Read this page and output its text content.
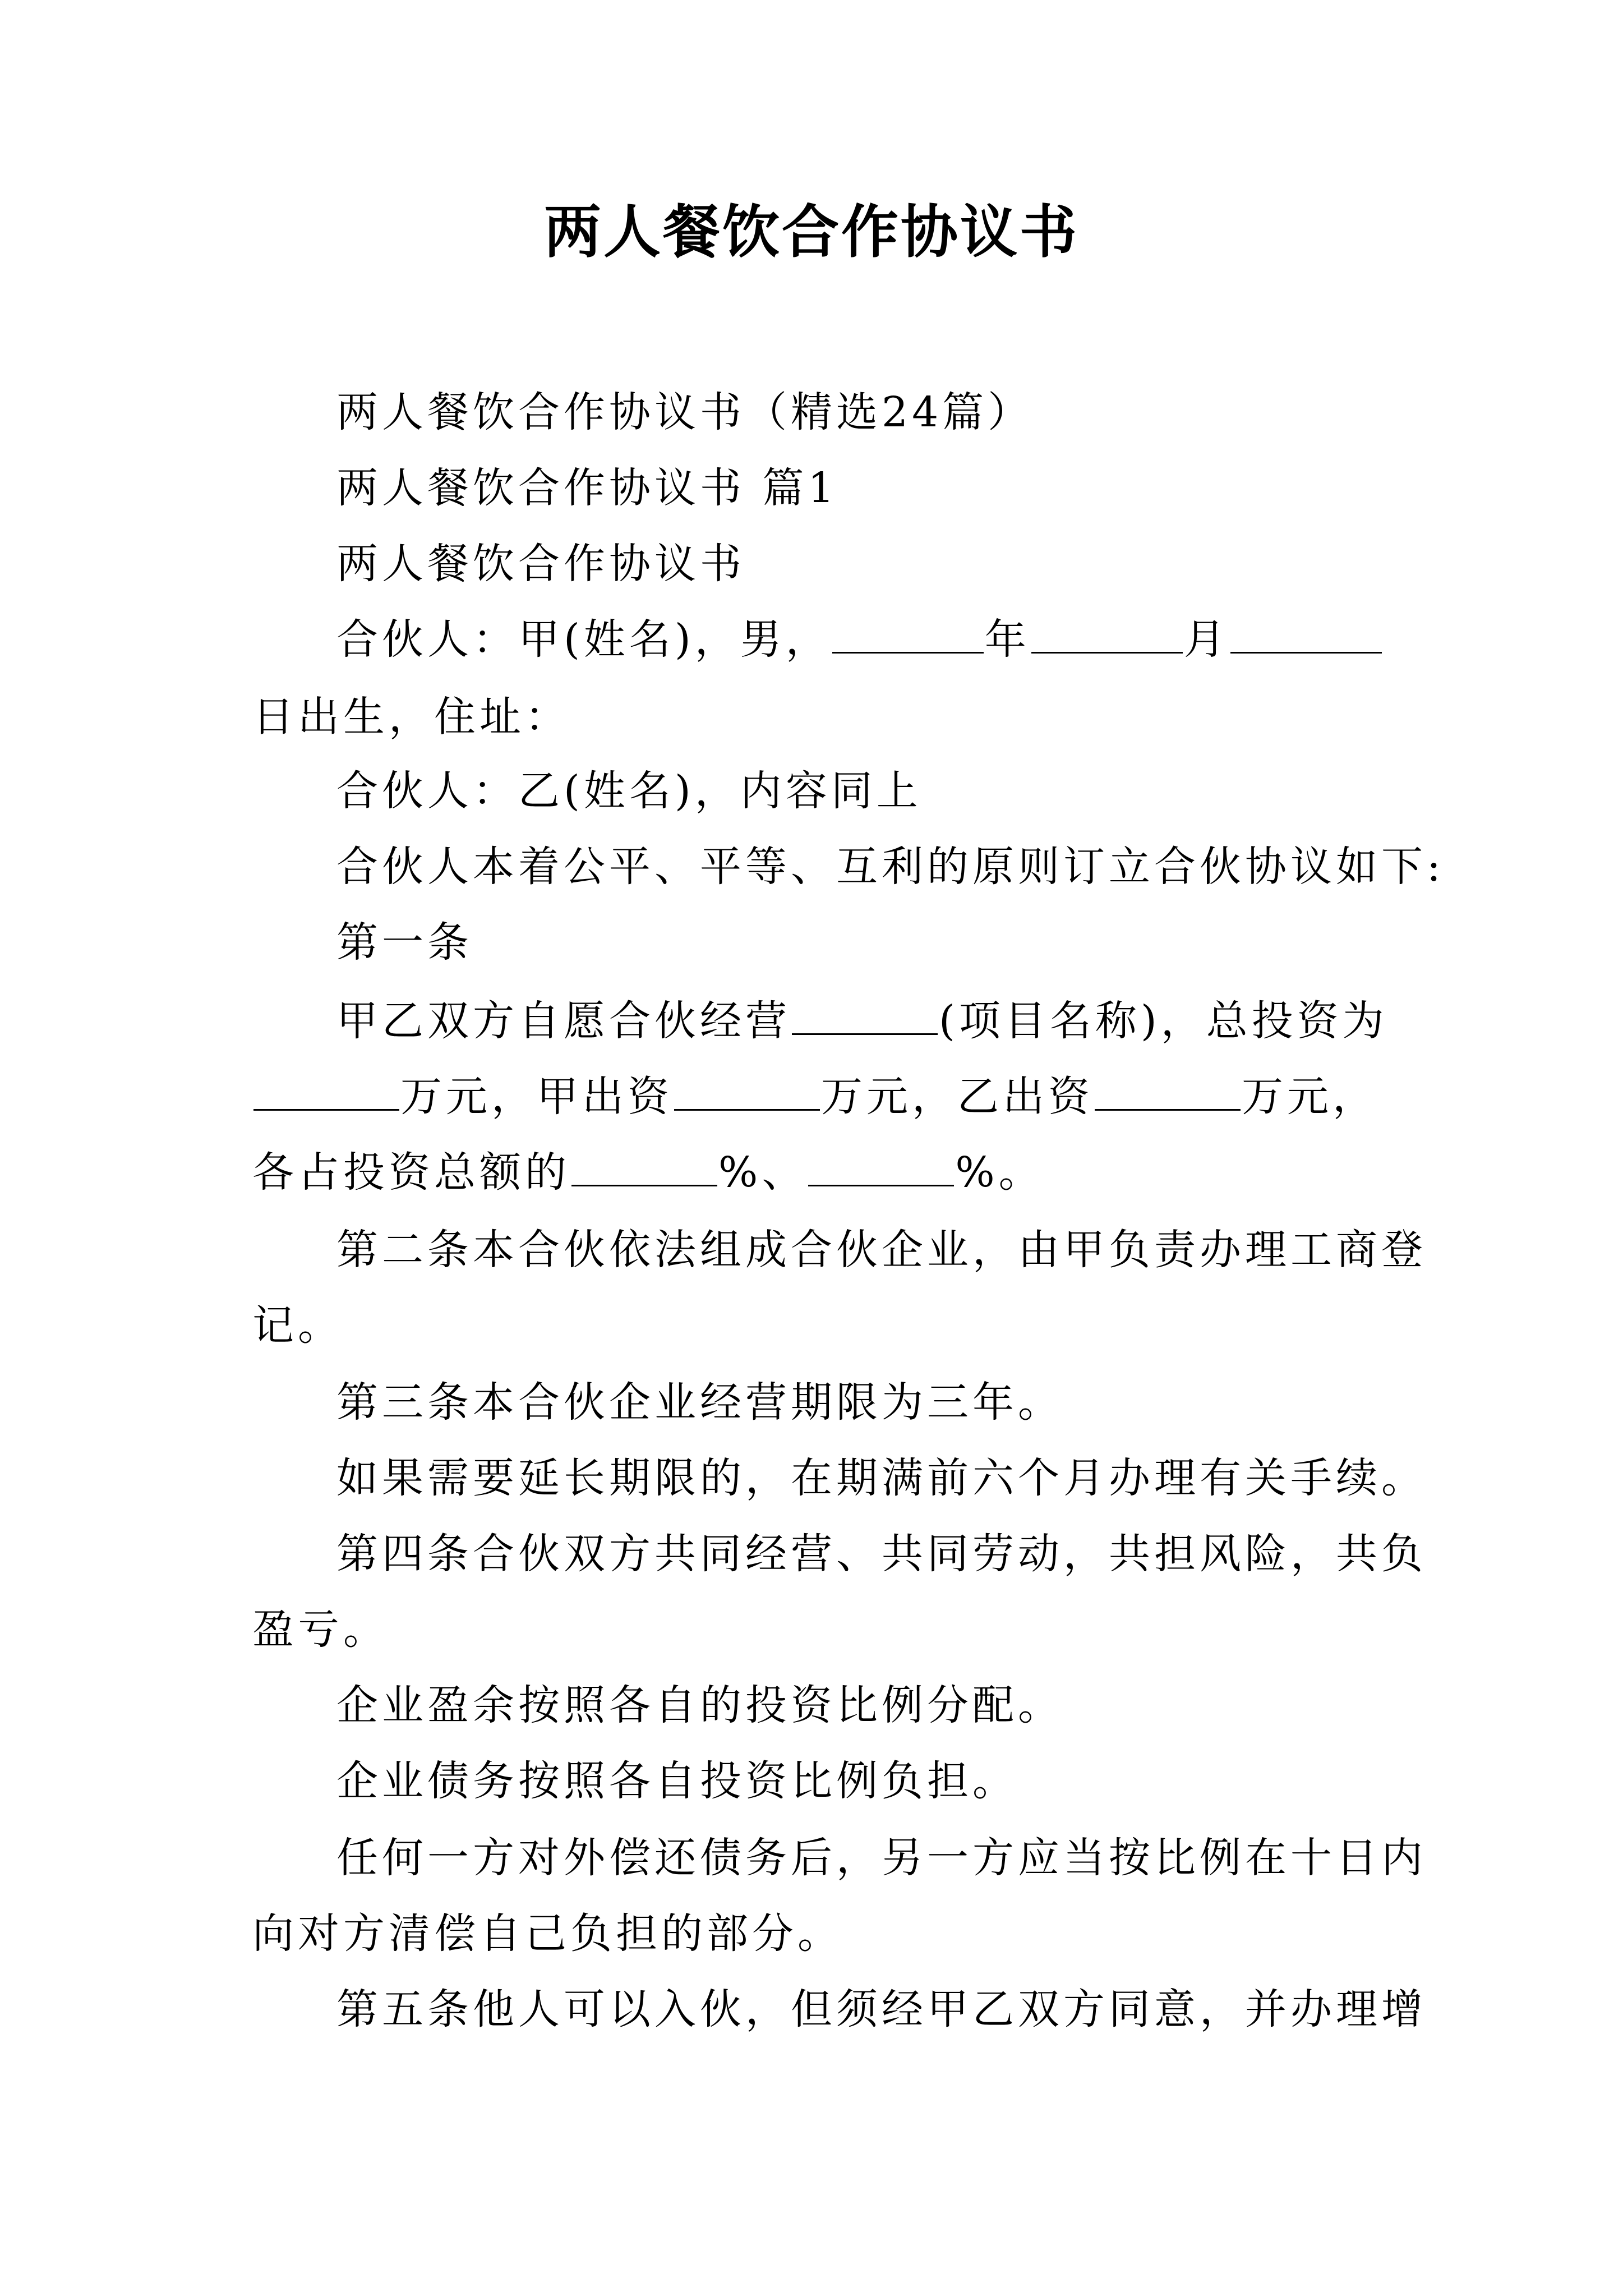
两人餐饮合作协议书
两人餐饮合作协议书（精选24篇）
两人餐饮合作协议书 篇1
两人餐饮合作协议书
合伙人：甲(姓名)，男，	年	月
日出生，住址：
合伙人：乙(姓名)，内容同上
合伙人本着公平、平等、互利的原则订立合伙协议如下:
第一条
甲乙双方自愿合伙经营	(项目名称)，总投资为
万元，甲出资	万元，乙出资	万元，
各占投资总额的	%、	%。
第二条本合伙依法组成合伙企业，由甲负责办理工商登
记。
第三条本合伙企业经营期限为三年。
如果需要延长期限的，在期满前六个月办理有关手续。
第四条合伙双方共同经营、共同劳动，共担风险，共负
盈亏。
企业盈余按照各自的投资比例分配。
企业债务按照各自投资比例负担。
任何一方对外偿还债务后，另一方应当按比例在十日内
向对方清偿自己负担的部分。
第五条他人可以入伙，但须经甲乙双方同意，并办理增
